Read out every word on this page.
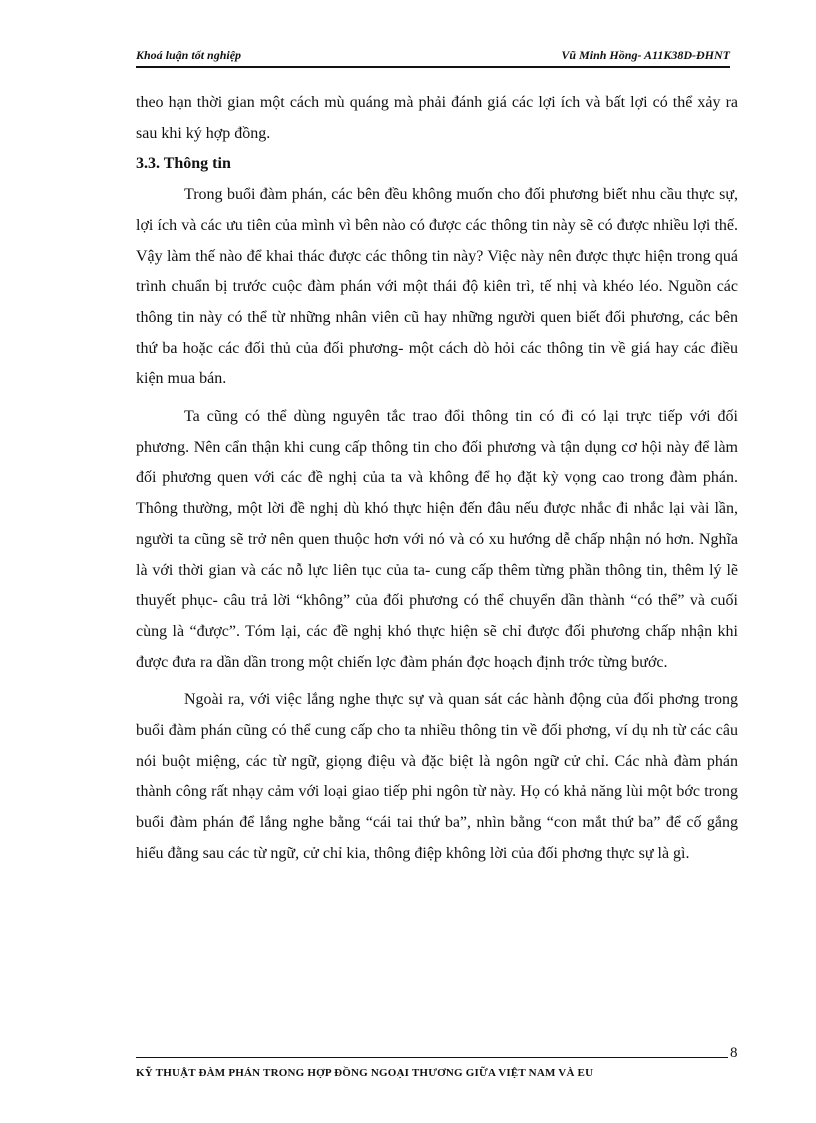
Khoá luận tốt nghiệp	Vũ Minh Hồng- A11K38D-ĐHNT

theo hạn thời gian một cách mù quáng mà phải đánh giá các lợi ích và bất lợi có thể xảy ra sau khi ký hợp đồng.

3.3. Thông tin

Trong buổi đàm phán, các bên đều không muốn cho đối phương biết nhu cầu thực sự, lợi ích và các ưu tiên của mình vì bên nào có được các thông tin này sẽ có được nhiều lợi thế. Vậy làm thế nào để khai thác được các thông tin này? Việc này nên được thực hiện trong quá trình chuẩn bị trước cuộc đàm phán với một thái độ kiên trì, tế nhị và khéo léo. Nguồn các thông tin này có thể từ những nhân viên cũ hay những người quen biết đối phương, các bên thứ ba hoặc các đối thủ của đối phương- một cách dò hỏi các thông tin về giá hay các điều kiện mua bán.

Ta cũng có thể dùng nguyên tắc trao đổi thông tin có đi có lại trực tiếp với đối phương. Nên cẩn thận khi cung cấp thông tin cho đối phương và tận dụng cơ hội này để làm đối phương quen với các đề nghị của ta và không để họ đặt kỳ vọng cao trong đàm phán. Thông thường, một lời đề nghị dù khó thực hiện đến đâu nếu được nhắc đi nhắc lại vài lần, người ta cũng sẽ trở nên quen thuộc hơn với nó và có xu hướng dễ chấp nhận nó hơn. Nghĩa là với thời gian và các nỗ lực liên tục của ta- cung cấp thêm từng phần thông tin, thêm lý lẽ thuyết phục- câu trả lời “không” của đối phương có thể chuyển dần thành “có thể” và cuối cùng là “được”. Tóm lại, các đề nghị khó thực hiện sẽ chỉ được đối phương chấp nhận khi được đưa ra dần dần trong một chiến lợc đàm phán đợc hoạch định trớc từng bước.

Ngoài ra, với việc lắng nghe thực sự và quan sát các hành động của đối phơng trong buổi đàm phán cũng có thể cung cấp cho ta nhiều thông tin về đối phơng, ví dụ nh từ các câu nói buột miệng, các từ ngữ, giọng điệu và đặc biệt là ngôn ngữ cử chỉ. Các nhà đàm phán thành công rất nhạy cảm với loại giao tiếp phi ngôn từ này. Họ có khả năng lùi một bớc trong buổi đàm phán để lắng nghe bằng “cái tai thứ ba”, nhìn bằng “con mắt thứ ba” để cố gắng hiểu đằng sau các từ ngữ, cử chỉ kia, thông điệp không lời của đối phơng thực sự là gì.

8
KỸ THUẬT ĐÀM PHÁN TRONG HỢP ĐỒNG NGOẠI THƯƠNG GIỮA VIỆT NAM VÀ EU
